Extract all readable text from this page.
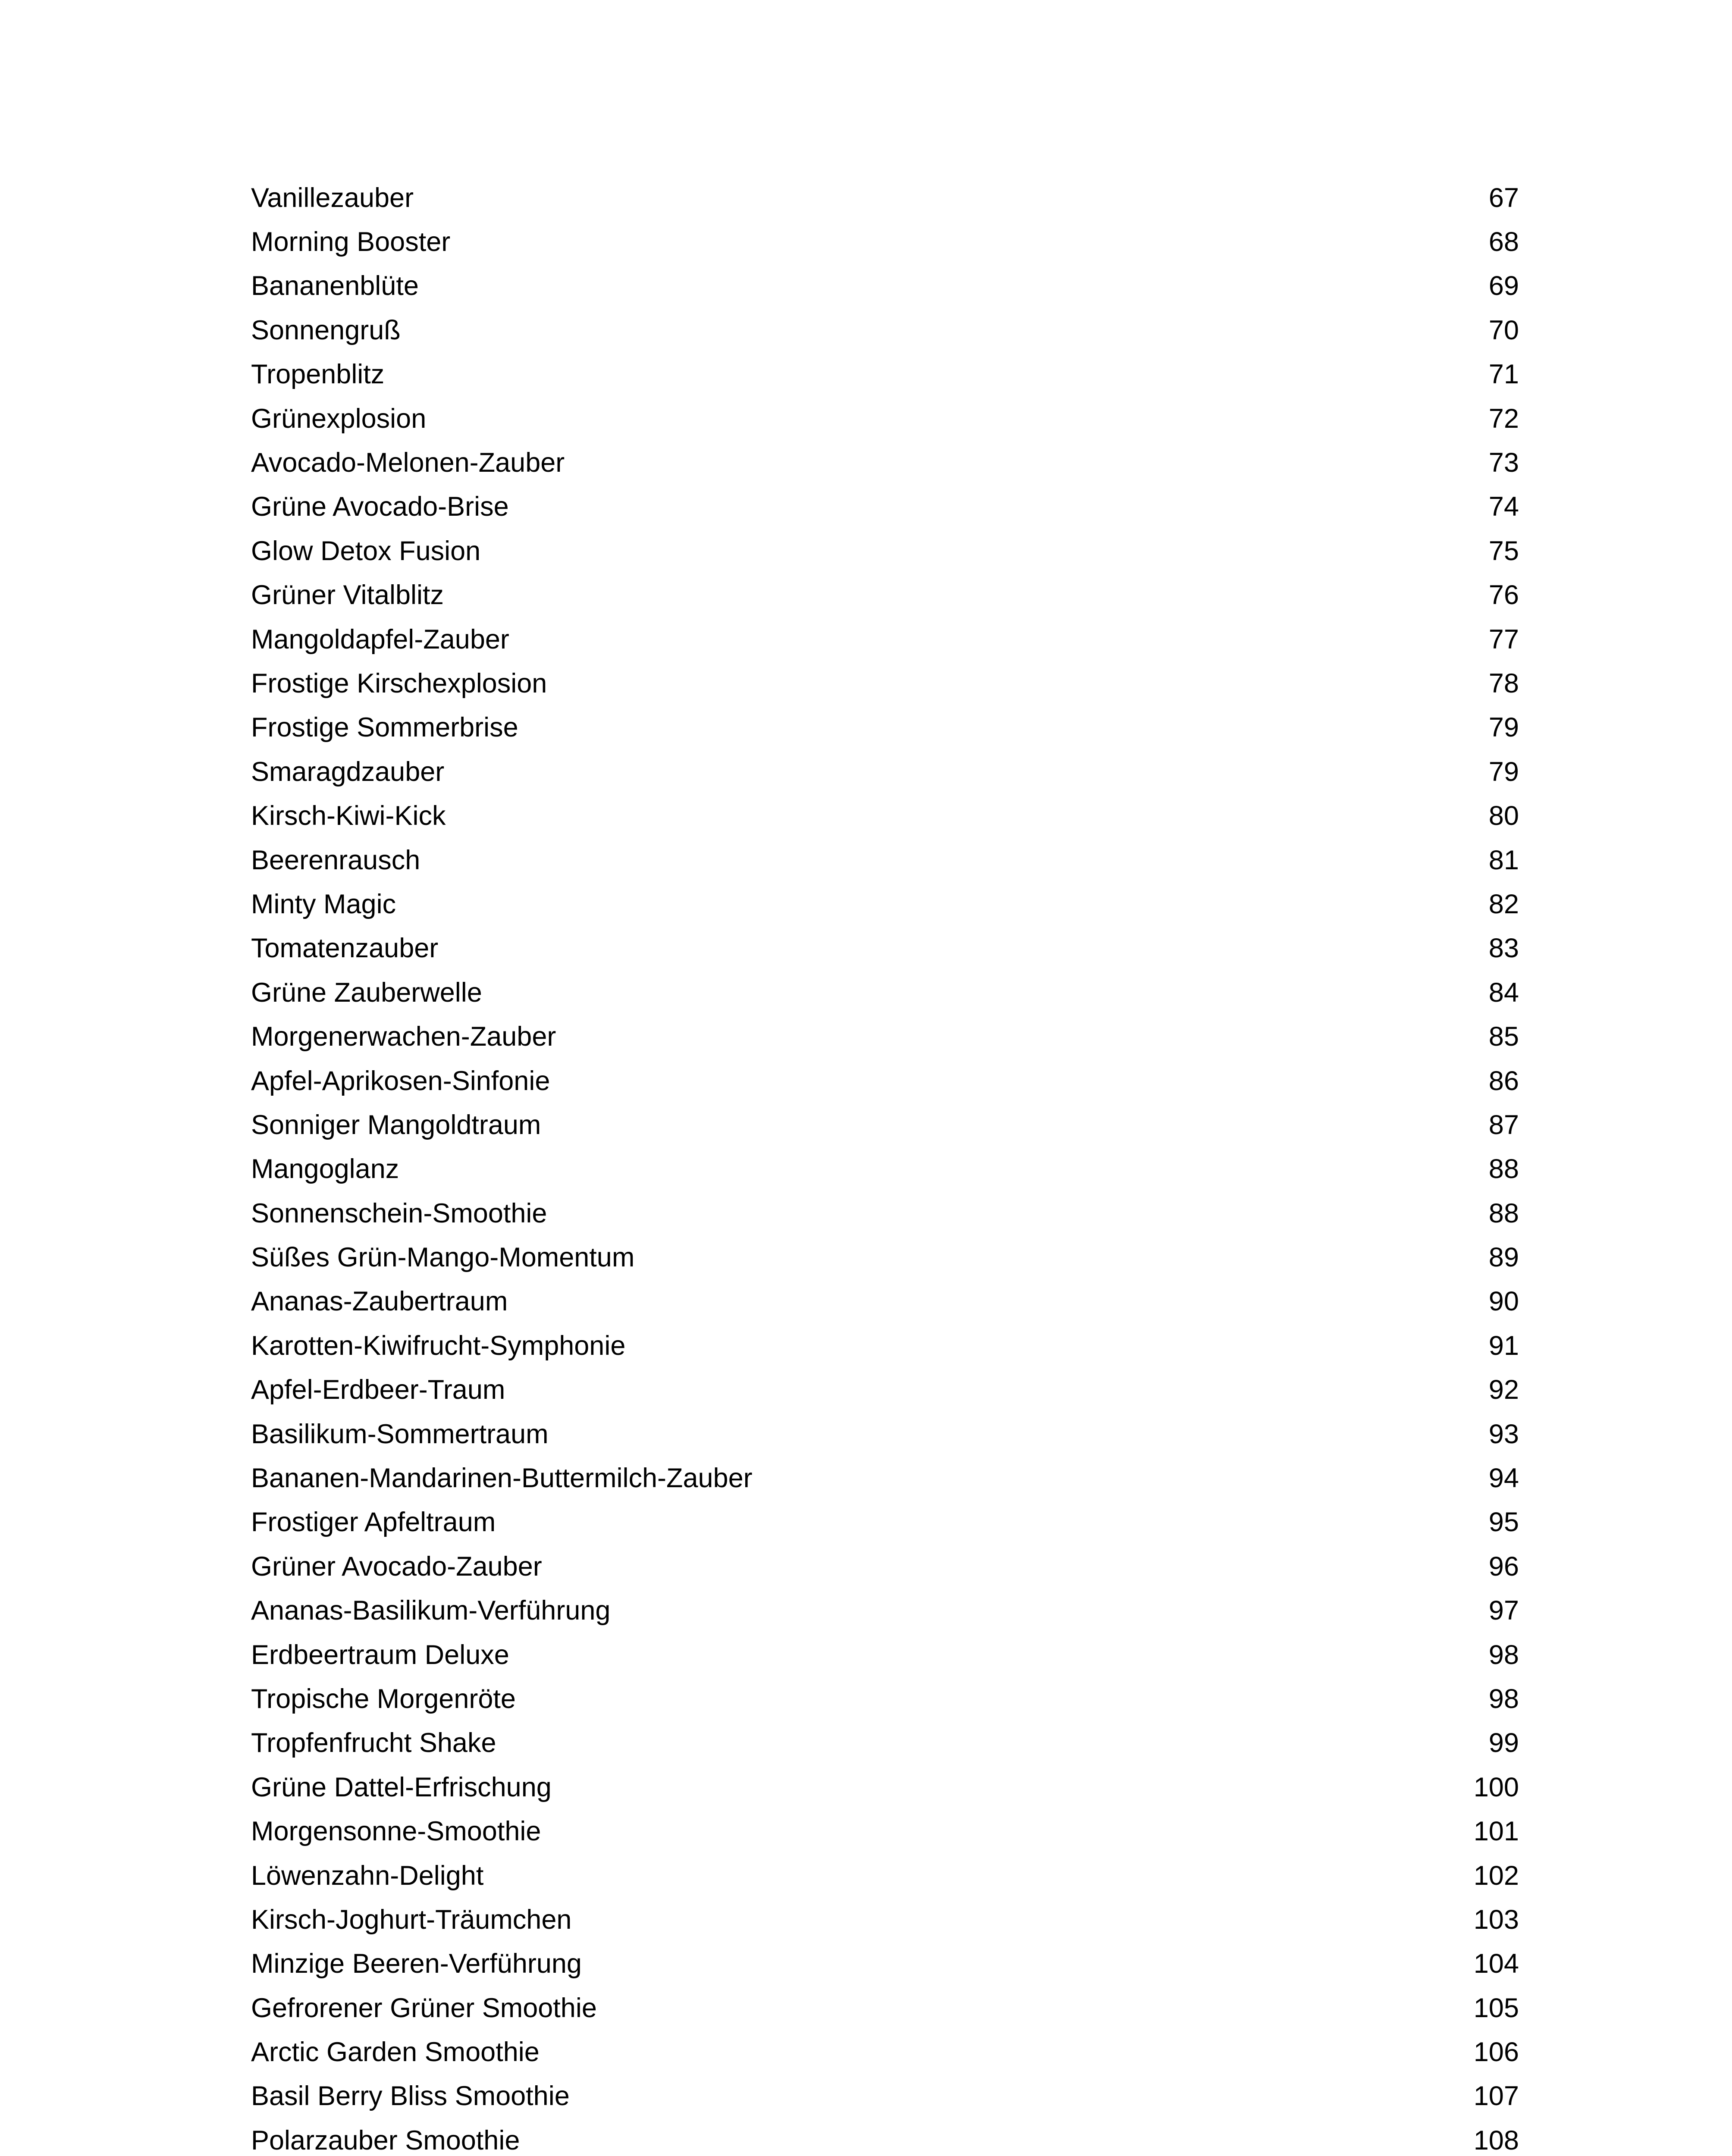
Vanillezauber	67
Morning Booster	68
Bananenblüte	69
Sonnengruß	70
Tropenblitz	71
Grünexplosion	72
Avocado-Melonen-Zauber	73
Grüne Avocado-Brise	74
Glow Detox Fusion	75
Grüner Vitalblitz	76
Mangoldapfel-Zauber	77
Frostige Kirschexplosion	78
Frostige Sommerbrise	79
Smaragdzauber	79
Kirsch-Kiwi-Kick	80
Beerenrausch	81
Minty Magic	82
Tomatenzauber	83
Grüne Zauberwelle	84
Morgenerwachen-Zauber	85
Apfel-Aprikosen-Sinfonie	86
Sonniger Mangoldtraum	87
Mangoglanz	88
Sonnenschein-Smoothie	88
Süßes Grün-Mango-Momentum	89
Ananas-Zaubertraum	90
Karotten-Kiwifrucht-Symphonie	91
Apfel-Erdbeer-Traum	92
Basilikum-Sommertraum	93
Bananen-Mandarinen-Buttermilch-Zauber	94
Frostiger Apfeltraum	95
Grüner Avocado-Zauber	96
Ananas-Basilikum-Verführung	97
Erdbeertraum Deluxe	98
Tropische Morgenröte	98
Tropfenfrucht Shake	99
Grüne Dattel-Erfrischung	100
Morgensonne-Smoothie	101
Löwenzahn-Delight	102
Kirsch-Joghurt-Träumchen	103
Minzige Beeren-Verführung	104
Gefrorener Grüner Smoothie	105
Arctic Garden Smoothie	106
Basil Berry Bliss Smoothie	107
Polarzauber Smoothie	108
